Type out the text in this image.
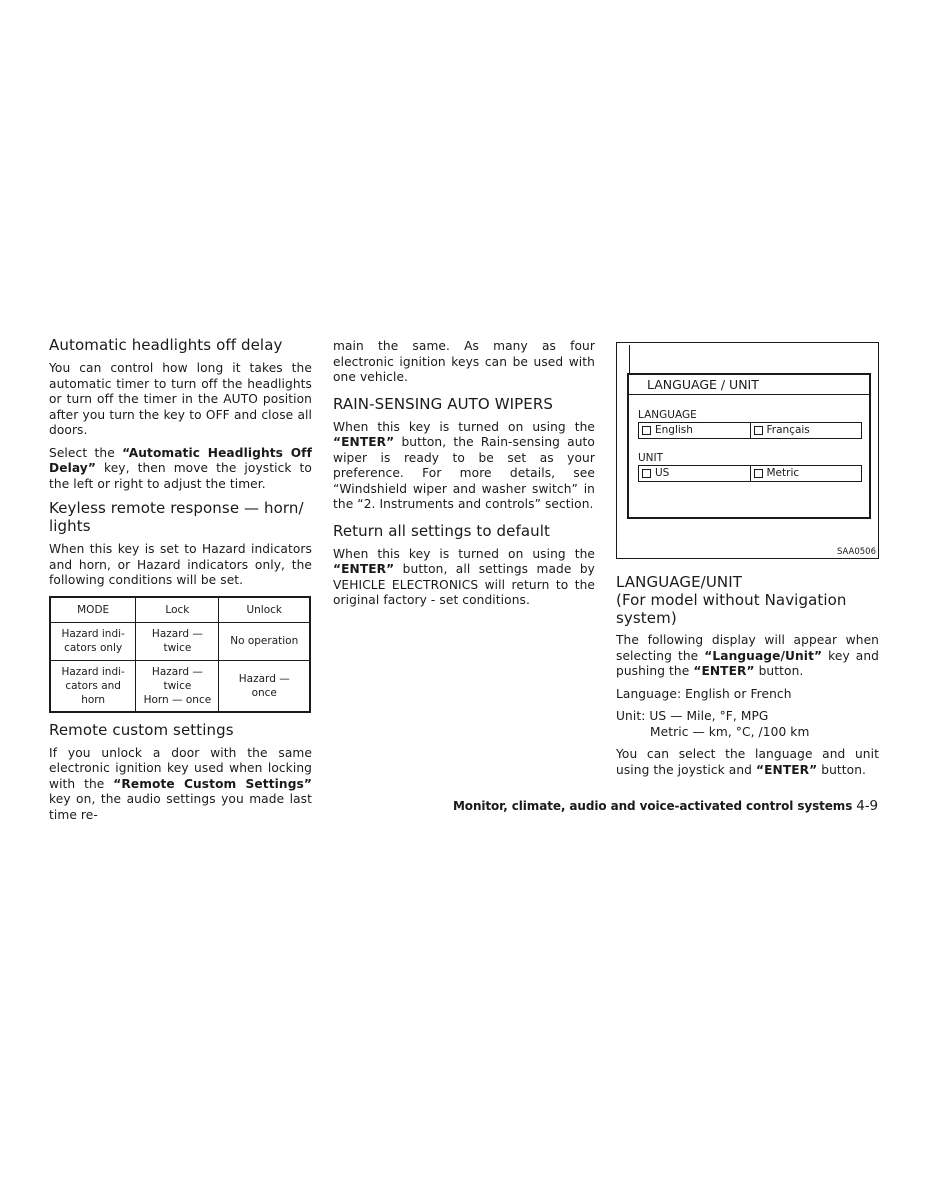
Automatic headlights off delay

You can control how long it takes the automatic timer to turn off the headlights or turn off the timer in the AUTO position after you turn the key to OFF and close all doors.

Select the “Automatic Headlights Off Delay” key, then move the joystick to the left or right to adjust the timer.

Keyless remote response — horn/ lights

When this key is set to Hazard indicators and horn, or Hazard indicators only, the following conditions will be set.

MODE	Lock	Unlock

Hazard indi-
cators only	Hazard —
twice	No operation

Hazard indi-
cators and
horn	Hazard —
twice
Horn — once	Hazard —
once
Remote custom settings

If you unlock a door with the same electronic ignition key used when locking with the “Remote Custom Settings” key on, the audio settings you made last time re-

main the same. As many as four electronic ignition keys can be used with one vehicle.

RAIN-SENSING AUTO WIPERS

When this key is turned on using the “ENTER” button, the Rain-sensing auto wiper is ready to be set as your preference. For more details, see “Windshield wiper and washer switch” in the “2. Instruments and controls” section.

Return all settings to default

When this key is turned on using the “ENTER” button, all settings made by VEHICLE ELECTRONICS will return to the original factory - set conditions.

LANGUAGE / UNIT
LANGUAGE
English	Français
UNIT
US	Metric
SAA0506
LANGUAGE/UNIT
(For model without Navigation system)

The following display will appear when selecting the “Language/Unit” key and pushing the “ENTER” button.

Language: English or French

Unit: US — Mile, °F, MPG

Metric — km, °C, /100 km

You can select the language and unit using the joystick and “ENTER” button.

Monitor, climate, audio and voice-activated control systems 4-9
